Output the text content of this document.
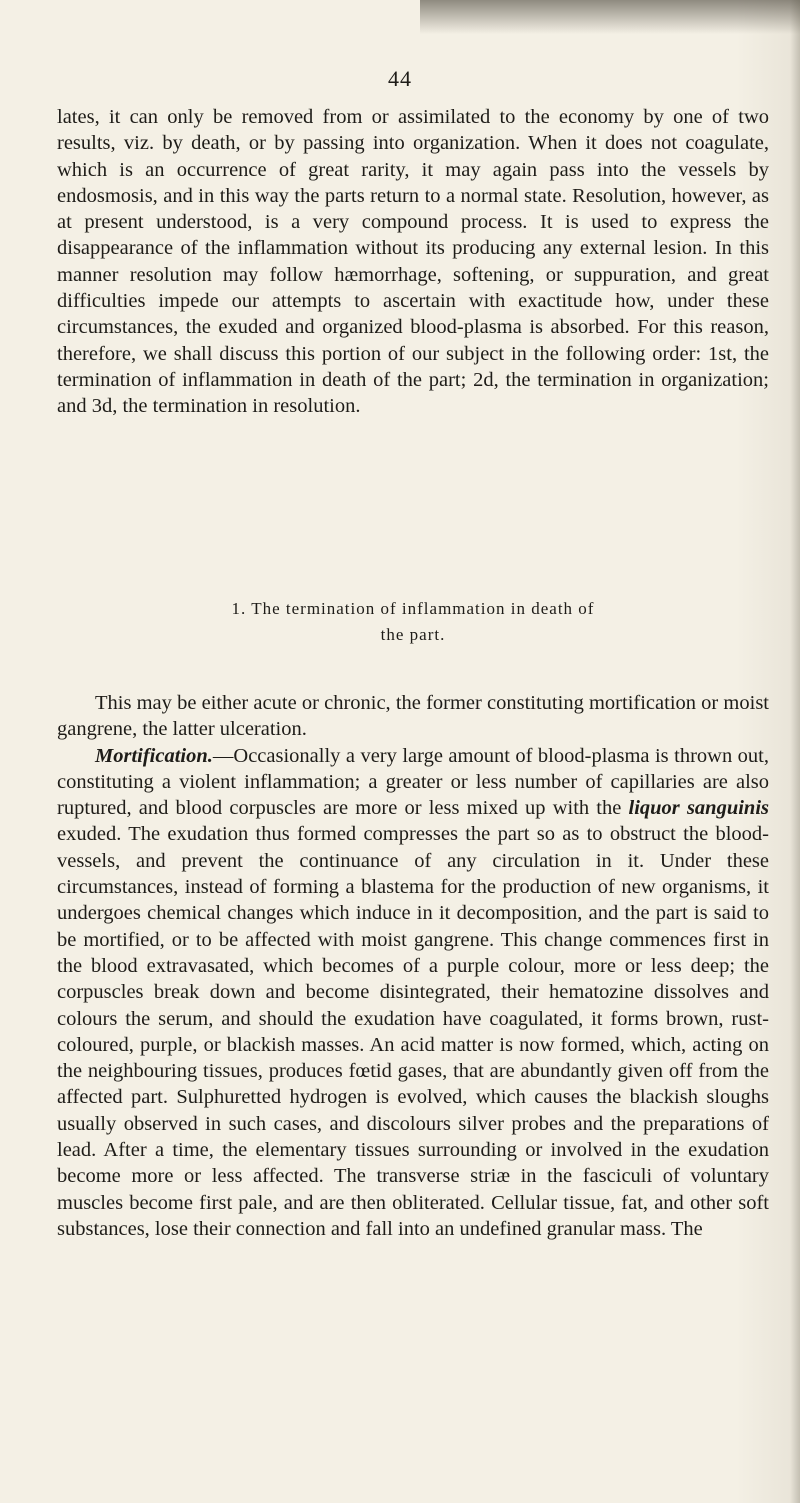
44

lates, it can only be removed from or assimilated to the economy by one of two results, viz. by death, or by passing into organization. When it does not coagulate, which is an occurrence of great rarity, it may again pass into the vessels by endosmosis, and in this way the parts return to a normal state. Resolution, however, as at present understood, is a very compound process. It is used to express the disappearance of the inflammation without its producing any external lesion. In this manner resolution may follow hæmorrhage, softening, or suppuration, and great difficulties impede our attempts to ascertain with exactitude how, under these circumstances, the exuded and organized blood-plasma is absorbed. For this reason, therefore, we shall discuss this portion of our subject in the following order: 1st, the termination of inflammation in death of the part; 2d, the termination in organization; and 3d, the termination in resolution.

1. The termination of inflammation in death of
the part.

This may be either acute or chronic, the former constituting mortification or moist gangrene, the latter ulceration.

Mortification.—Occasionally a very large amount of blood-plasma is thrown out, constituting a violent inflammation; a greater or less number of capillaries are also ruptured, and blood corpuscles are more or less mixed up with the liquor sanguinis exuded. The exudation thus formed compresses the part so as to obstruct the blood-vessels, and prevent the continuance of any circulation in it. Under these circumstances, instead of forming a blastema for the production of new organisms, it undergoes chemical changes which induce in it decomposition, and the part is said to be mortified, or to be affected with moist gangrene. This change commences first in the blood extravasated, which becomes of a purple colour, more or less deep; the corpuscles break down and become disintegrated, their hematozine dissolves and colours the serum, and should the exudation have coagulated, it forms brown, rust-coloured, purple, or blackish masses. An acid matter is now formed, which, acting on the neighbouring tissues, produces fœtid gases, that are abundantly given off from the affected part. Sulphuretted hydrogen is evolved, which causes the blackish sloughs usually observed in such cases, and discolours silver probes and the preparations of lead. After a time, the elementary tissues surrounding or involved in the exudation become more or less affected. The transverse striæ in the fasciculi of voluntary muscles become first pale, and are then obliterated. Cellular tissue, fat, and other soft substances, lose their connection and fall into an undefined granular mass. The
